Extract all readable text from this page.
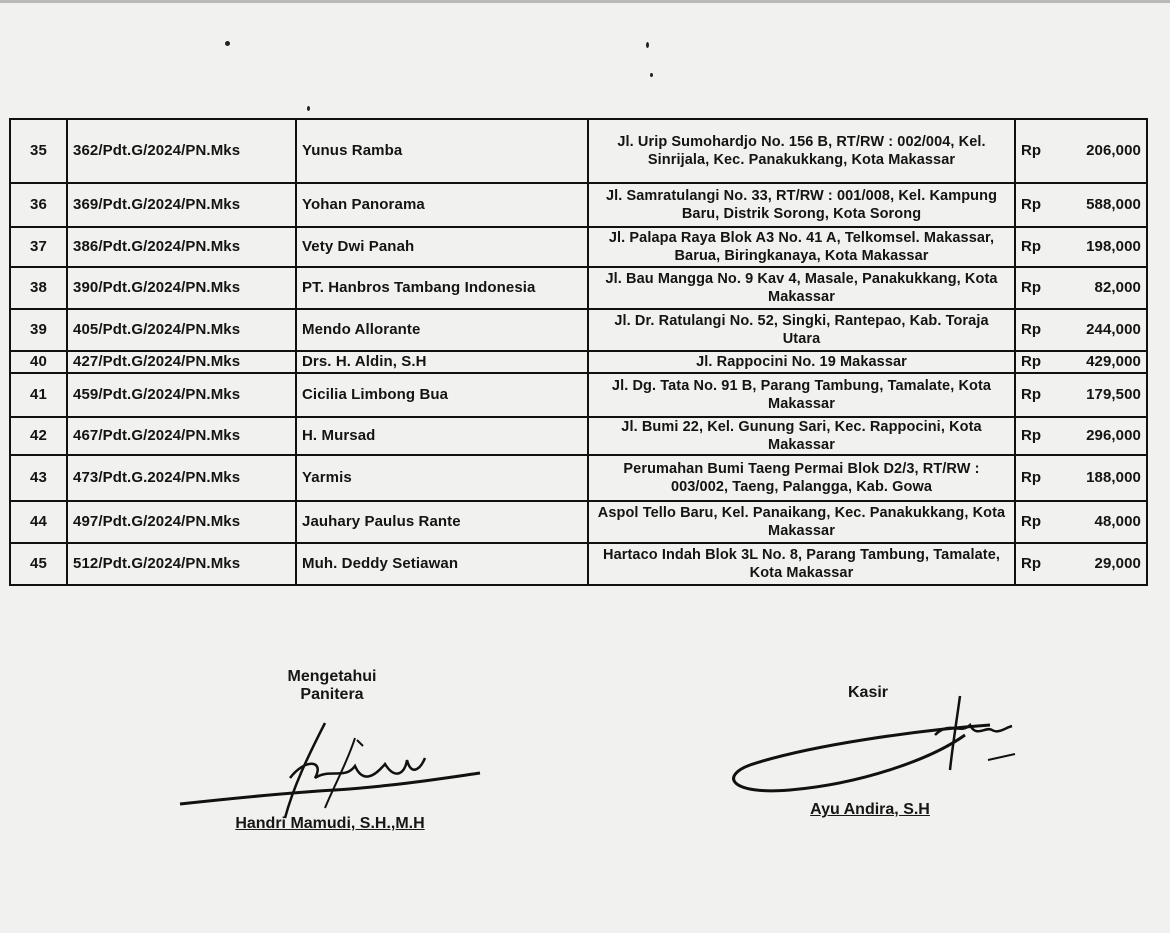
35	362/Pdt.G/2024/PN.Mks	Yunus Ramba	Jl. Urip Sumohardjo No. 156 B, RT/RW : 002/004, Kel. Sinrijala, Kec. Panakukkang, Kota Makassar	Rp	206,000
36	369/Pdt.G/2024/PN.Mks	Yohan Panorama	Jl. Samratulangi No. 33, RT/RW : 001/008, Kel. Kampung Baru, Distrik Sorong, Kota Sorong	Rp	588,000
37	386/Pdt.G/2024/PN.Mks	Vety Dwi Panah	Jl. Palapa Raya Blok A3 No. 41 A, Telkomsel. Makassar, Barua, Biringkanaya, Kota Makassar	Rp	198,000
38	390/Pdt.G/2024/PN.Mks	PT. Hanbros Tambang Indonesia	Jl. Bau Mangga No. 9 Kav 4, Masale, Panakukkang, Kota Makassar	Rp	82,000
39	405/Pdt.G/2024/PN.Mks	Mendo Allorante	Jl. Dr. Ratulangi No. 52, Singki, Rantepao, Kab. Toraja Utara	Rp	244,000
40	427/Pdt.G/2024/PN.Mks	Drs. H. Aldin, S.H	Jl. Rappocini No. 19 Makassar	Rp	429,000
41	459/Pdt.G/2024/PN.Mks	Cicilia Limbong Bua	Jl. Dg. Tata No. 91 B, Parang Tambung, Tamalate, Kota Makassar	Rp	179,500
42	467/Pdt.G/2024/PN.Mks	H. Mursad	Jl. Bumi 22, Kel. Gunung Sari, Kec. Rappocini, Kota Makassar	Rp	296,000
43	473/Pdt.G.2024/PN.Mks	Yarmis	Perumahan Bumi Taeng Permai Blok D2/3, RT/RW : 003/002, Taeng, Palangga, Kab. Gowa	Rp	188,000
44	497/Pdt.G/2024/PN.Mks	Jauhary Paulus Rante	Aspol Tello Baru, Kel. Panaikang, Kec. Panakukkang, Kota Makassar	Rp	48,000
45	512/Pdt.G/2024/PN.Mks	Muh. Deddy Setiawan	Hartaco Indah Blok 3L No. 8, Parang Tambung, Tamalate, Kota Makassar	Rp	29,000
Mengetahui
Panitera
Handri Mamudi, S.H.,M.H
Kasir
Ayu Andira, S.H
